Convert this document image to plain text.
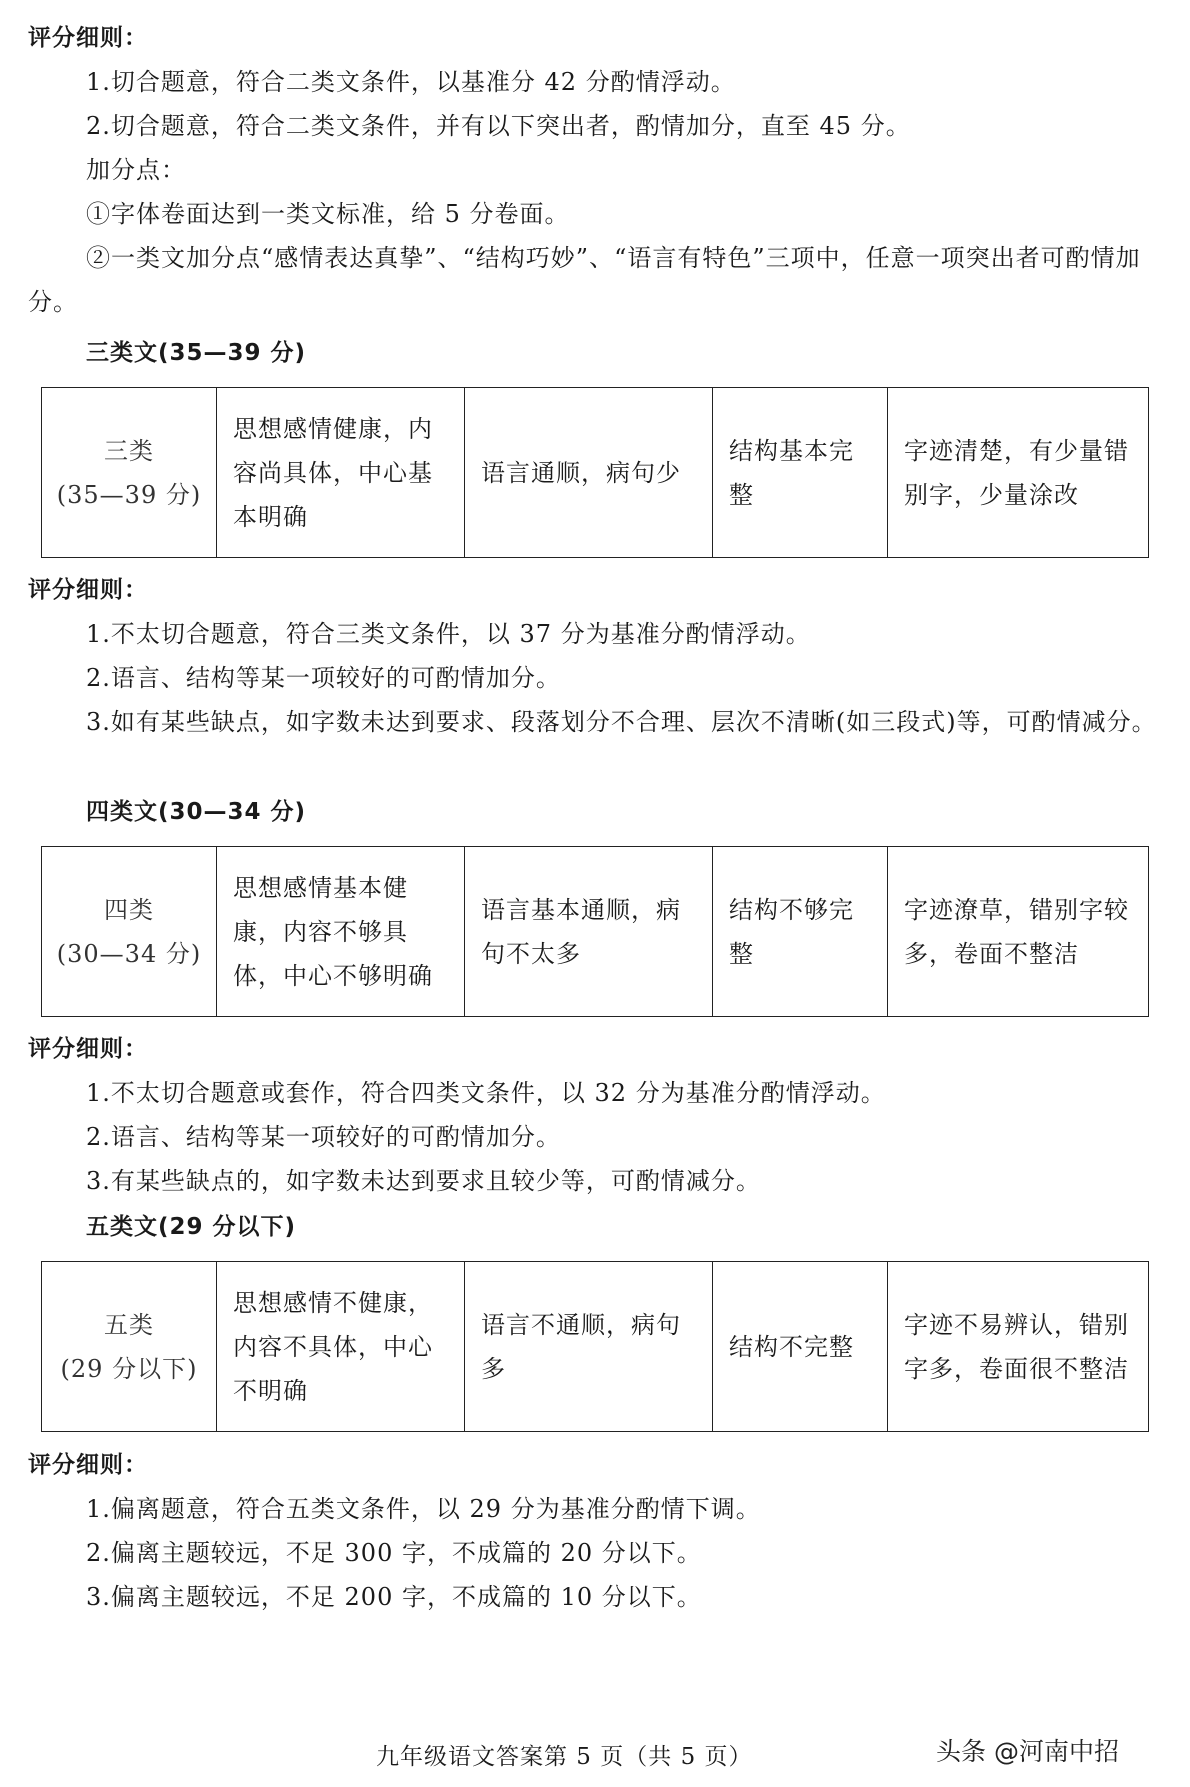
评分细则：
1.切合题意，符合二类文条件，以基准分 42 分酌情浮动。
2.切合题意，符合二类文条件，并有以下突出者，酌情加分，直至 45 分。
加分点：
①字体卷面达到一类文标准，给 5 分卷面。
②一类文加分点“感情表达真挚”、“结构巧妙”、“语言有特色”三项中，任意一项突出者可酌情加分。
三类文(35—39 分)
三类
(35—39 分)
	思想感情健康，内容尚具体，中心基本明确	语言通顺，病句少	结构基本完整	字迹清楚，有少量错别字，少量涂改
评分细则：
1.不太切合题意，符合三类文条件，以 37 分为基准分酌情浮动。
2.语言、结构等某一项较好的可酌情加分。
3.如有某些缺点，如字数未达到要求、段落划分不合理、层次不清晰(如三段式)等，可酌情减分。
四类文(30—34 分)
四类
(30—34 分)
	思想感情基本健康，内容不够具体，中心不够明确	语言基本通顺，病句不太多	结构不够完整	字迹潦草，错别字较多，卷面不整洁
评分细则：
1.不太切合题意或套作，符合四类文条件，以 32 分为基准分酌情浮动。
2.语言、结构等某一项较好的可酌情加分。
3.有某些缺点的，如字数未达到要求且较少等，可酌情减分。
五类文(29 分以下)
五类
(29 分以下)
	思想感情不健康，内容不具体，中心不明确	语言不通顺，病句多	结构不完整	字迹不易辨认，错别字多，卷面很不整洁
评分细则：
1.偏离题意，符合五类文条件，以 29 分为基准分酌情下调。
2.偏离主题较远，不足 300 字，不成篇的 20 分以下。
3.偏离主题较远，不足 200 字，不成篇的 10 分以下。
九年级语文答案第 5 页（共 5 页）	头条 @河南中招
